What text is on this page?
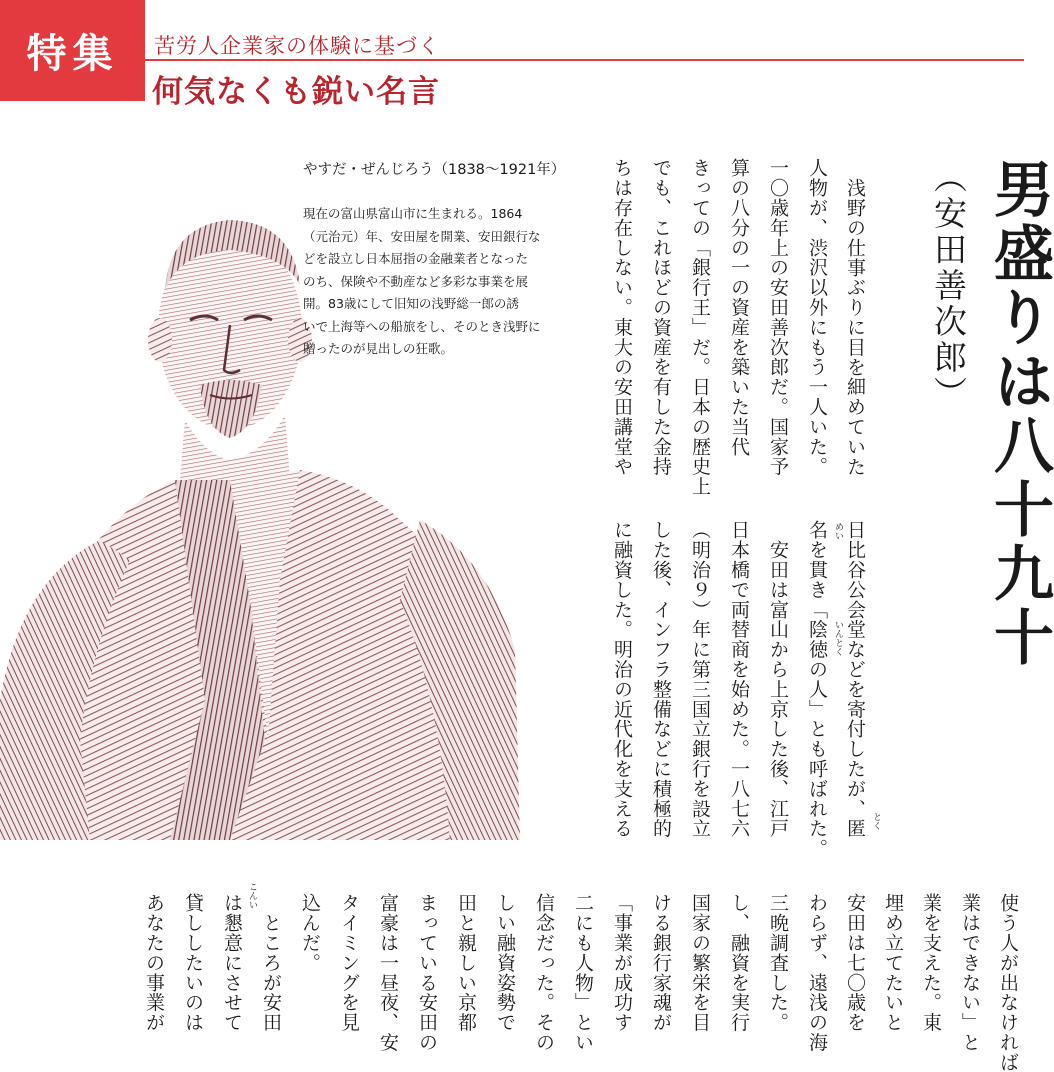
特集	苦労人企業家の体験に基づく
何気なくも鋭い名言
やすだ・ぜんじろう（1838〜1921年）
現在の富山県富山市に生まれる。1864
（元治元）年、安田屋を開業、安田銀行な
どを設立し日本屈指の金融業者となった
のち、保険や不動産など多彩な事業を展
開。83歳にして旧知の浅野総一郎の誘
いで上海等への船旅をし、そのとき浅野に
贈ったのが見出しの狂歌。	男盛りは八十九十
（安田善次郎）
浅野の仕事ぶりに目を細めていた
人物が、渋沢以外にもう一人いた。
一〇歳年上の安田善次郎だ。国家予
算の八分の一の資産を築いた当代
きっての「銀行王」だ。日本の歴史上
でも、これほどの資産を有した金持
ちは存在しない。東大の安田講堂や
日比谷公会堂などを寄付したが、匿
名を貫き「陰徳の人」とも呼ばれた。
　安田は富山から上京した後、江戸
日本橋で両替商を始めた。一八七六
（明治９）年に第三国立銀行を設立
した後、インフラ整備などに積極的
に融資した。明治の近代化を支える	とく
めい
いんとく
こんい	使う人が出なければ
業はできない」と
業を支えた。東
埋め立てたいと
安田は七〇歳を
わらず、遠浅の海
三晩調査した。
し、融資を実行
国家の繁栄を目
ける銀行家魂が
「事業が成功す
二にも人物」とい
信念だった。その
しい融資姿勢で
田と親しい京都
まっている安田の
富豪は一昼夜、安
タイミングを見
込んだ。
　ところが安田
は懇意にさせて
貸ししたいのは
あなたの事業が
